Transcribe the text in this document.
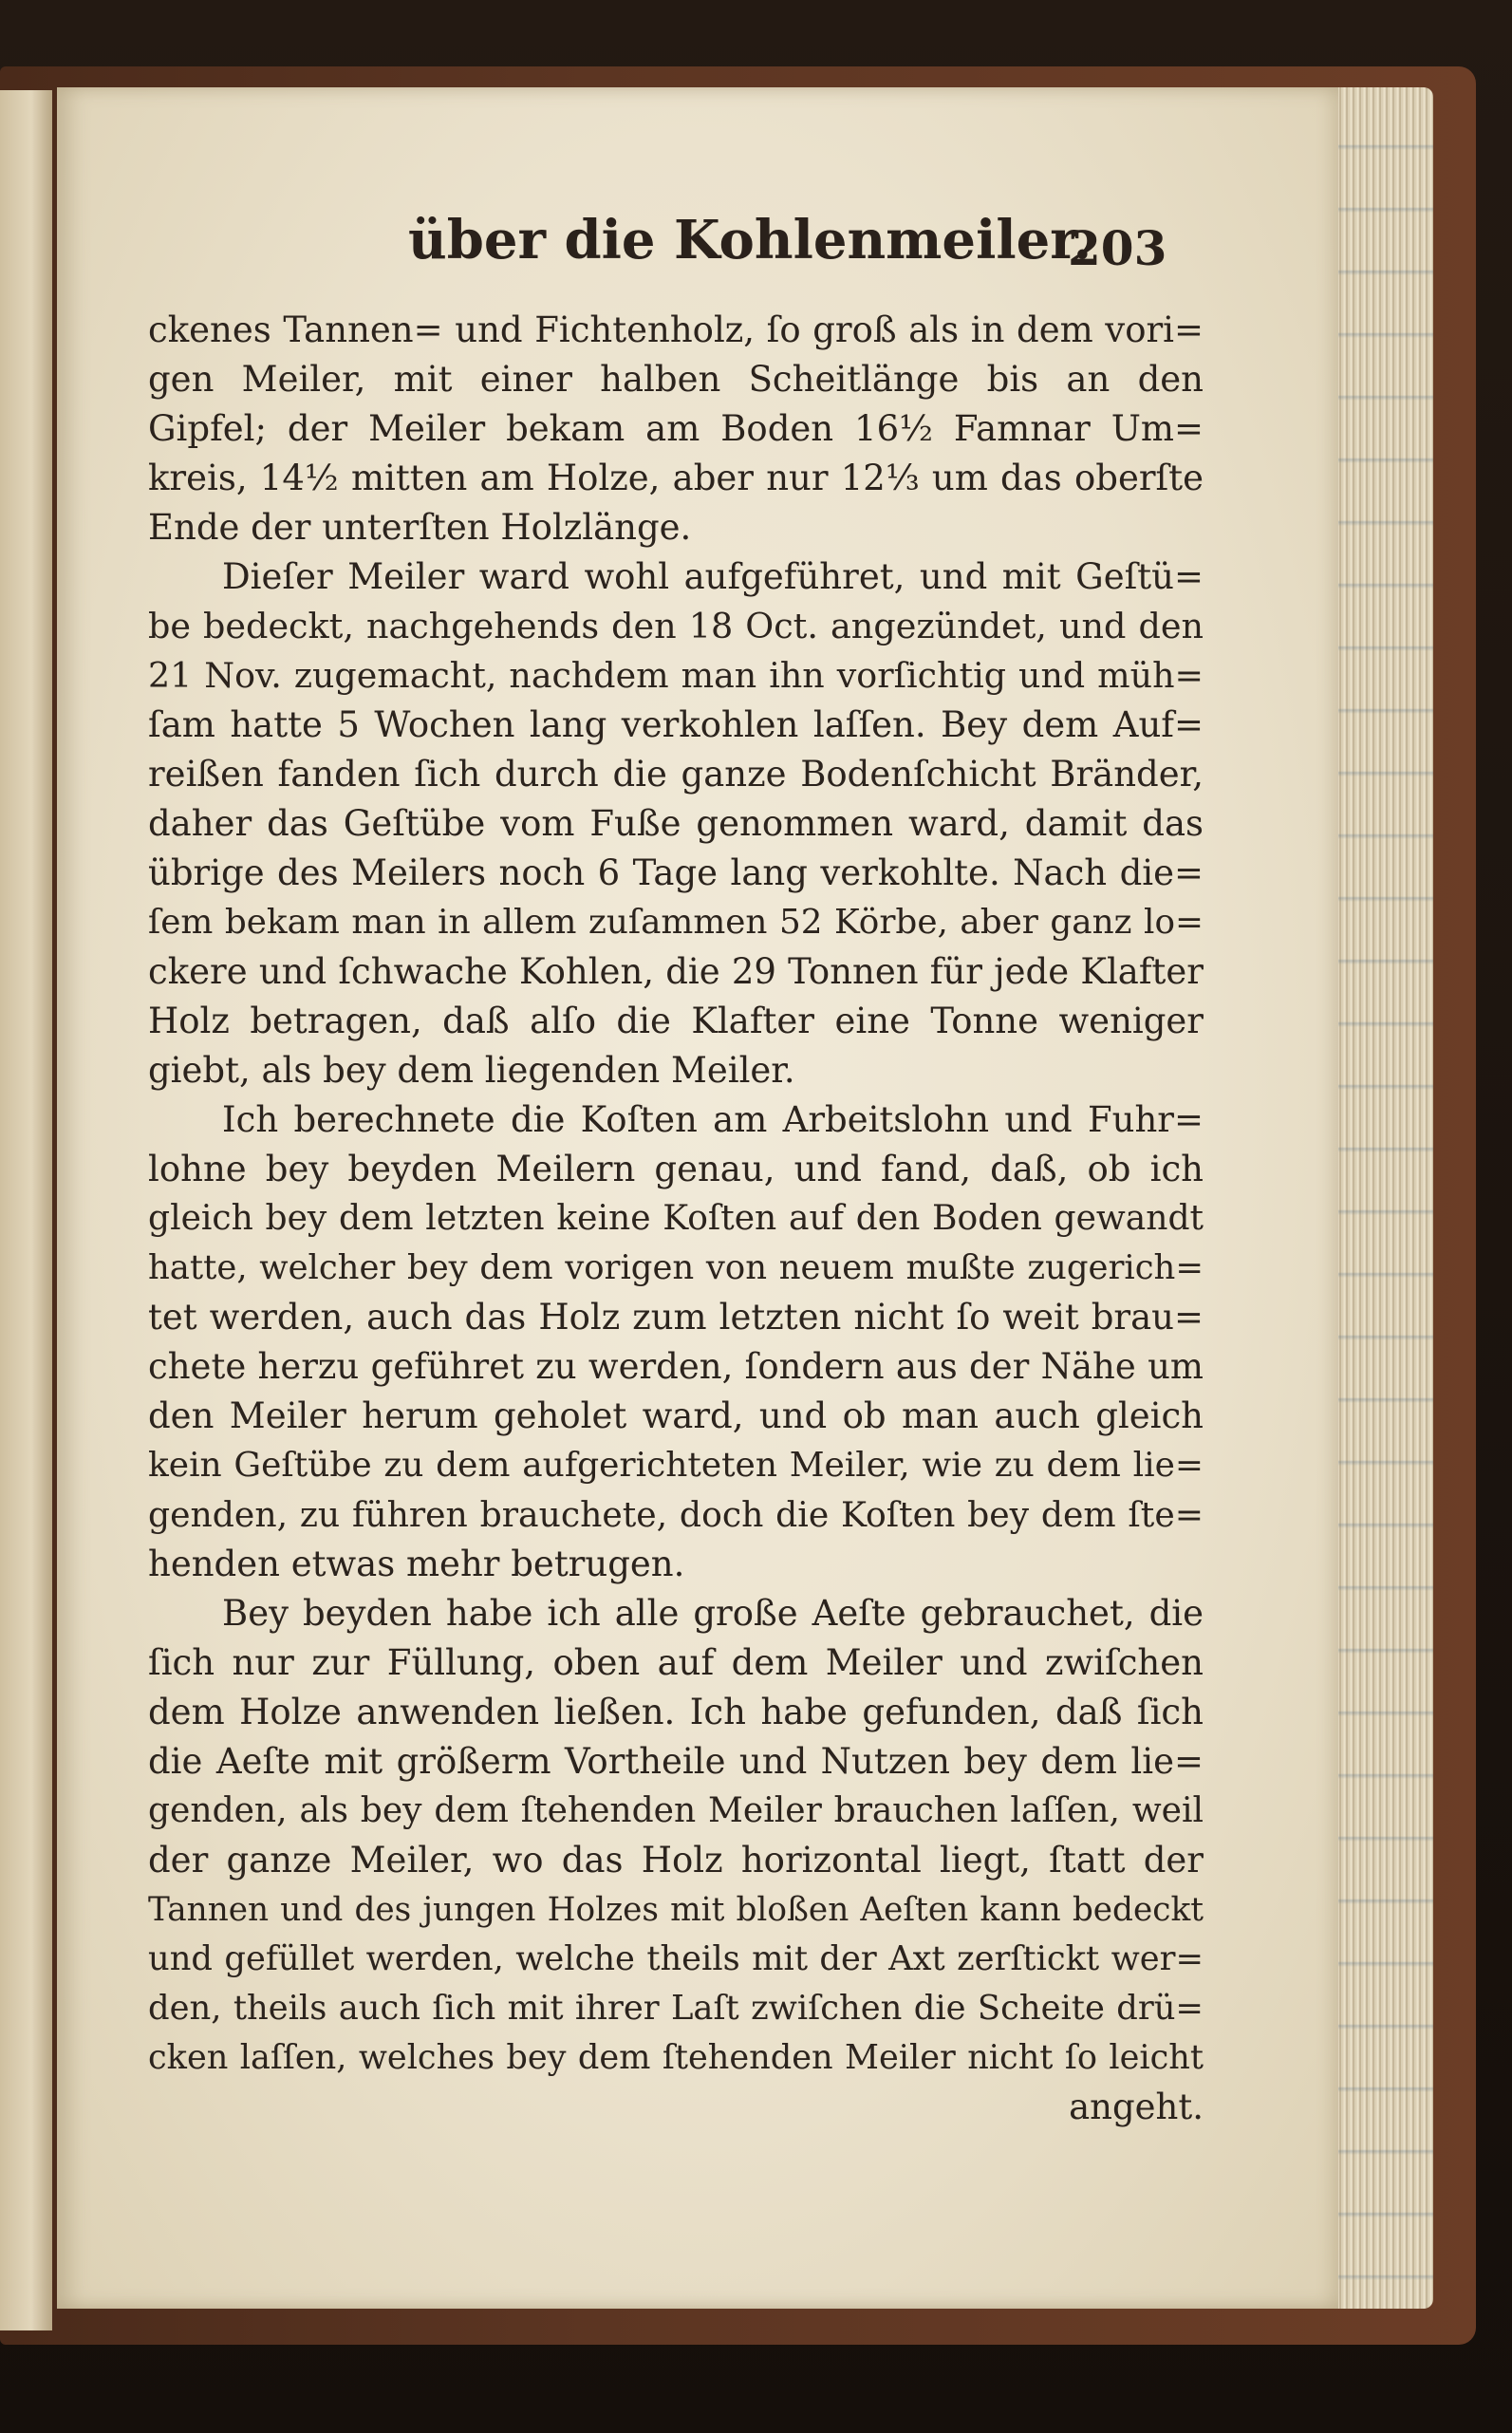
über die Kohlenmeiler.
203
ckenes Tannen= und Fichtenholz, ſo groß als in dem vori=
gen Meiler, mit einer halben Scheitlänge bis an den
Gipfel; der Meiler bekam am Boden 16½ Famnar Um=
kreis, 14½ mitten am Holze, aber nur 12⅓ um das oberſte
Ende der unterſten Holzlänge.
Dieſer Meiler ward wohl aufgeführet, und mit Geſtü=
be bedeckt, nachgehends den 18 Oct. angezündet, und den
21 Nov. zugemacht, nachdem man ihn vorſichtig und müh=
ſam hatte 5 Wochen lang verkohlen laſſen. Bey dem Auf=
reißen fanden ſich durch die ganze Bodenſchicht Bränder,
daher das Geſtübe vom Fuße genommen ward, damit das
übrige des Meilers noch 6 Tage lang verkohlte. Nach die=
ſem bekam man in allem zuſammen 52 Körbe, aber ganz lo=
ckere und ſchwache Kohlen, die 29 Tonnen für jede Klafter
Holz betragen, daß alſo die Klafter eine Tonne weniger
giebt, als bey dem liegenden Meiler.
Ich berechnete die Koſten am Arbeitslohn und Fuhr=
lohne bey beyden Meilern genau, und fand, daß, ob ich
gleich bey dem letzten keine Koſten auf den Boden gewandt
hatte, welcher bey dem vorigen von neuem mußte zugerich=
tet werden, auch das Holz zum letzten nicht ſo weit brau=
chete herzu geführet zu werden, ſondern aus der Nähe um
den Meiler herum geholet ward, und ob man auch gleich
kein Geſtübe zu dem aufgerichteten Meiler, wie zu dem lie=
genden, zu führen brauchete, doch die Koſten bey dem ſte=
henden etwas mehr betrugen.
Bey beyden habe ich alle große Aeſte gebrauchet, die
ſich nur zur Füllung, oben auf dem Meiler und zwiſchen
dem Holze anwenden ließen. Ich habe gefunden, daß ſich
die Aeſte mit größerm Vortheile und Nutzen bey dem lie=
genden, als bey dem ſtehenden Meiler brauchen laſſen, weil
der ganze Meiler, wo das Holz horizontal liegt, ſtatt der
Tannen und des jungen Holzes mit bloßen Aeſten kann bedeckt
und gefüllet werden, welche theils mit der Axt zerſtickt wer=
den, theils auch ſich mit ihrer Laſt zwiſchen die Scheite drü=
cken laſſen, welches bey dem ſtehenden Meiler nicht ſo leicht
angeht.
